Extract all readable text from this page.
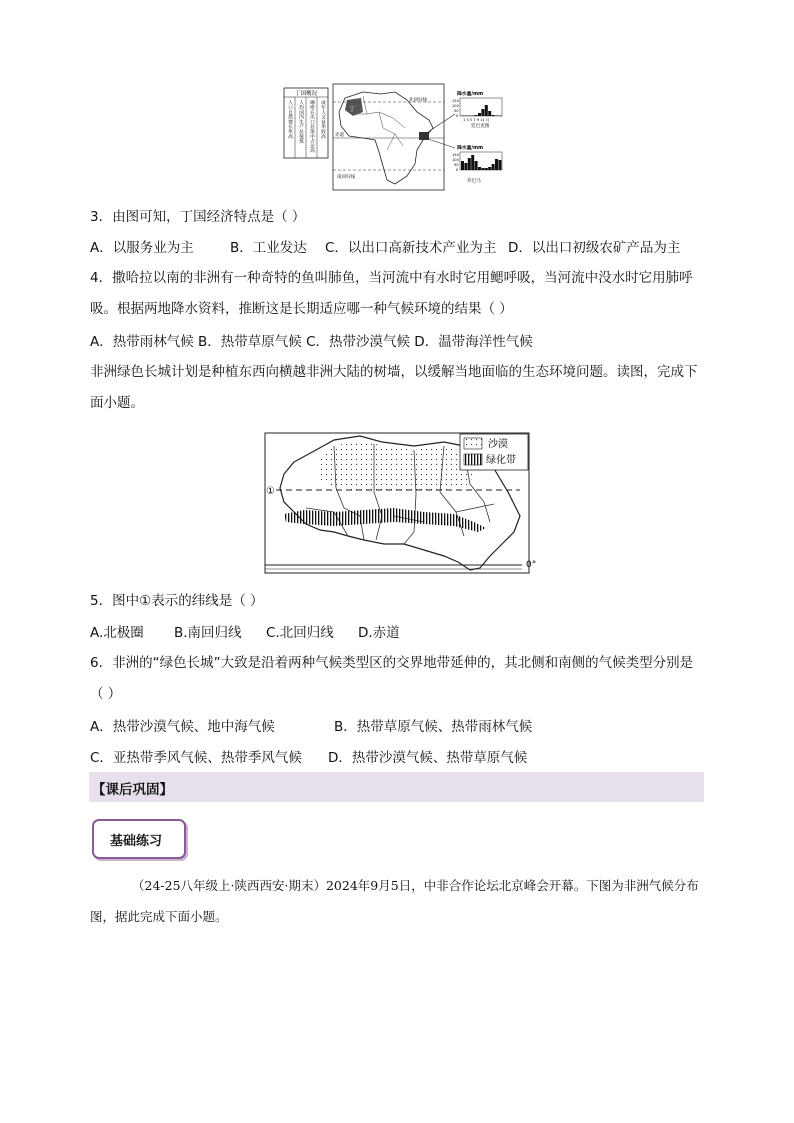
丁国概况
人口自然增长率高 人均国内生产总值低 咖啡在出口总值中占比高 成年人文盲率较高	丁
北回归线
赤道
南回归线
降水量/mm
150
100
50
0
1 3 5 7 9 11 月
廷巴克图
降水量/mm
150
100
50
0
乔巴马
3．由图可知，丁国经济特点是（ ）
A．以服务业为主	B．工业发达 C．以出口高新技术产业为主 D．以出口初级农矿产品为主
4．撒哈拉以南的非洲有一种奇特的鱼叫肺鱼，当河流中有水时它用鳃呼吸，当河流中没水时它用肺呼吸。根据两地降水资料，推断这是长期适应哪一种气候环境的结果（ ）
A．热带雨林气候 B．热带草原气候 C．热带沙漠气候 D．温带海洋性气候
非洲绿色长城计划是种植东西向横越非洲大陆的树墙，以缓解当地面临的生态环境问题。读图，完成下面小题。
①
0°
沙漠
绿化带
5．图中①表示的纬线是（ ）
A.北极圈 B.南回归线 C.北回归线 D.赤道
6．非洲的“绿色长城”大致是沿着两种气候类型区的交界地带延伸的，其北侧和南侧的气候类型分别是（ ）
A．热带沙漠气候、地中海气候	B．热带草原气候、热带雨林气候
C．亚热带季风气候、热带季风气候 D．热带沙漠气候、热带草原气候
【课后巩固】
基础练习
（24-25八年级上·陕西西安·期末）2024年9月5日，中非合作论坛北京峰会开幕。下图为非洲气候分布图，据此完成下面小题。
